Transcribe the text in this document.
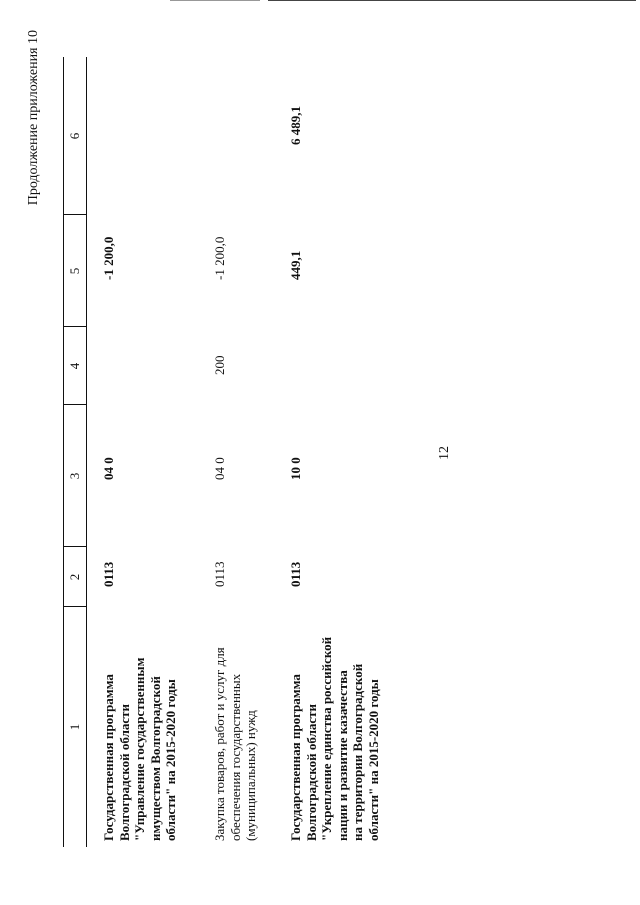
12
Продолжение приложения 10
1
2
3
4
5
6
Государственная программа Волгоградской области "Управление государственным имуществом Волгоградской области" на 2015-2020 годы
0113
04 0
-1 200,0
Закупка товаров, работ и услуг для обеспечения государственных (муниципальных) нужд
0113
04 0
200
-1 200,0
Государственная программа Волгоградской области "Укрепление единства российской нации и развитие казачества на территории Волгоградской области" на 2015-2020 годы
0113
10 0
449,1
6 489,1
